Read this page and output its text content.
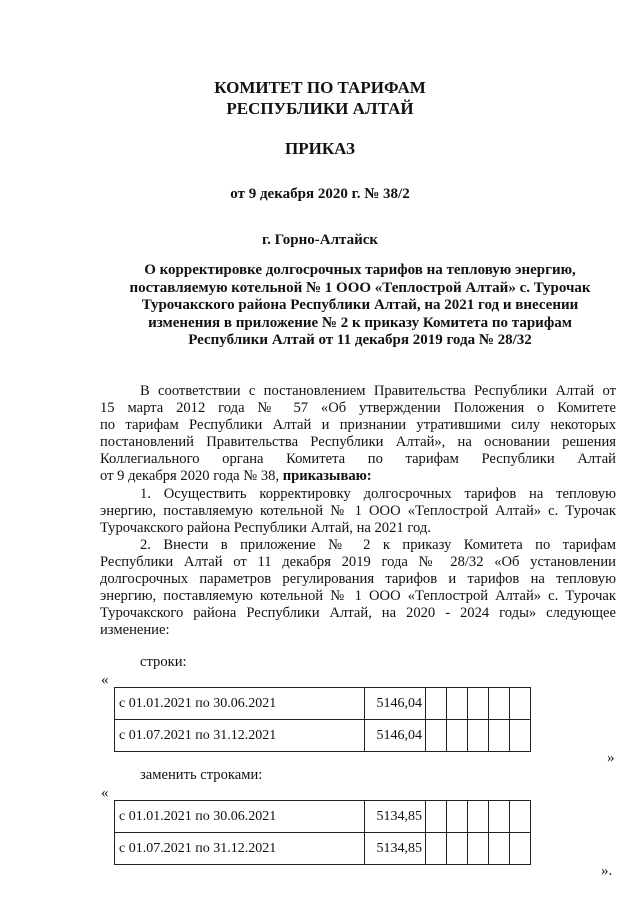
КОМИТЕТ ПО ТАРИФАМ
РЕСПУБЛИКИ АЛТАЙ
ПРИКАЗ
от 9 декабря 2020 г. № 38/2
г. Горно-Алтайск
О корректировке долгосрочных тарифов на тепловую энергию,
поставляемую котельной № 1 ООО «Теплострой Алтай» с. Турочак
Турочакского района Республики Алтай, на 2021 год и внесении
изменения в приложение № 2 к приказу Комитета по тарифам
Республики Алтай от 11 декабря 2019 года № 28/32
В соответствии с постановлением Правительства Республики Алтай от
15 марта 2012 года № 57 «Об утверждении Положения о Комитете
по тарифам Республики Алтай и признании утратившими силу некоторых
постановлений Правительства Республики Алтай», на основании решения
Коллегиального органа Комитета по тарифам Республики Алтай
от 9 декабря 2020 года № 38, приказываю:
1. Осуществить корректировку долгосрочных тарифов на тепловую
энергию, поставляемую котельной № 1 ООО «Теплострой Алтай» с. Турочак
Турочакского района Республики Алтай, на 2021 год.
2. Внести в приложение № 2 к приказу Комитета по тарифам
Республики Алтай от 11 декабря 2019 года № 28/32 «Об установлении
долгосрочных параметров регулирования тарифов и тарифов на тепловую
энергию, поставляемую котельной № 1 ООО «Теплострой Алтай» с. Турочак
Турочакского района Республики Алтай, на 2020 - 2024 годы» следующее
изменение:
строки:
«
с 01.01.2021 по 30.06.2021	5146,04					
с 01.07.2021 по 31.12.2021	5146,04					
»
заменить строками:
«
с 01.01.2021 по 30.06.2021	5134,85					
с 01.07.2021 по 31.12.2021	5134,85					
».
